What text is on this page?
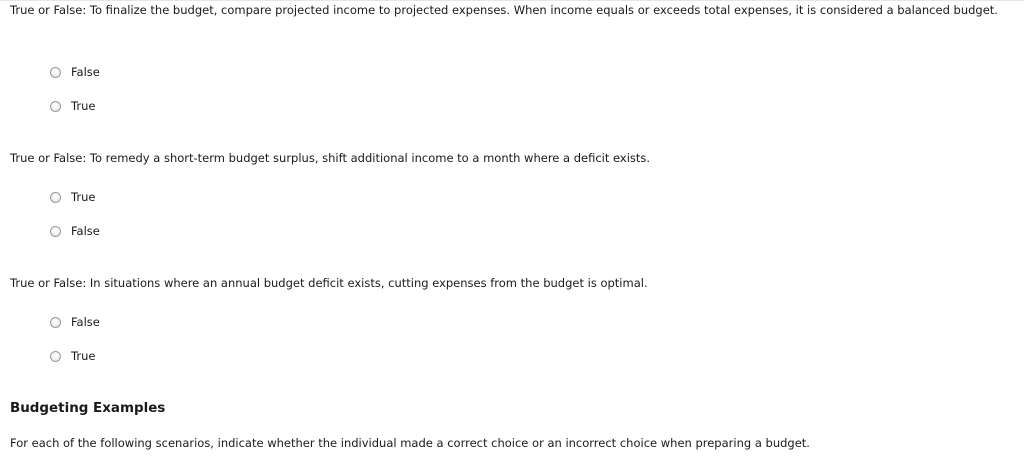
True or False: To finalize the budget, compare projected income to projected expenses. When income equals or exceeds total expenses, it is considered a balanced budget.

False
True

True or False: To remedy a short-term budget surplus, shift additional income to a month where a deficit exists.

True
False

True or False: In situations where an annual budget deficit exists, cutting expenses from the budget is optimal.

False
True
Budgeting Examples

For each of the following scenarios, indicate whether the individual made a correct choice or an incorrect choice when preparing a budget.
